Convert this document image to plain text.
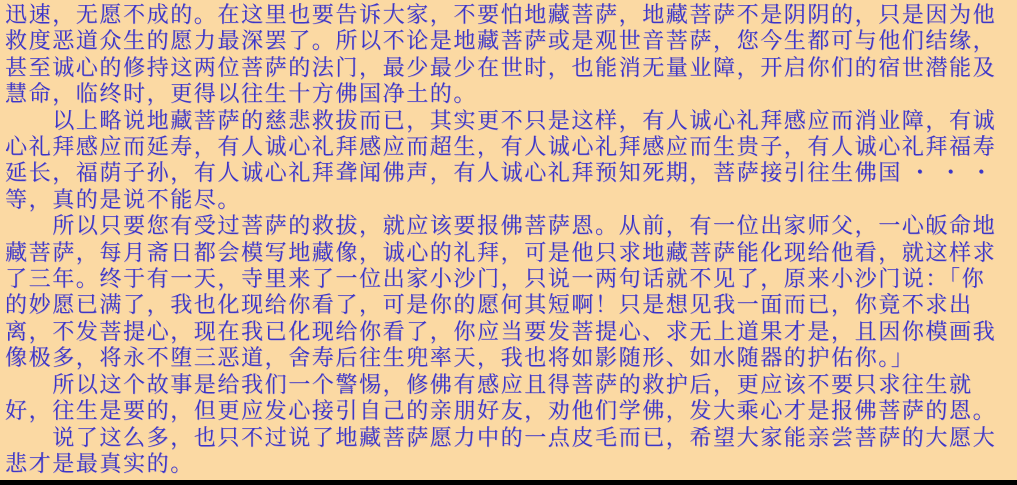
迅速，无愿不成的。在这里也要告诉大家，不要怕地藏菩萨，地藏菩萨不是阴阴的，只是因为他
救度恶道众生的愿力最深罢了。所以不论是地藏菩萨或是观世音菩萨，您今生都可与他们结缘，
甚至诚心的修持这两位菩萨的法门，最少最少在世时，也能消无量业障，开启你们的宿世潜能及
慧命，临终时，更得以往生十方佛国净土的。
　　以上略说地藏菩萨的慈悲救拔而已，其实更不只是这样，有人诚心礼拜感应而消业障，有诚
心礼拜感应而延寿，有人诚心礼拜感应而超生，有人诚心礼拜感应而生贵子，有人诚心礼拜福寿
延长，福荫子孙，有人诚心礼拜聋闻佛声，有人诚心礼拜预知死期，菩萨接引往生佛国 ・ ・ ・
等，真的是说不能尽。
　　所以只要您有受过菩萨的救拔，就应该要报佛菩萨恩。从前，有一位出家师父，一心皈命地
藏菩萨，每月斋日都会模写地藏像，诚心的礼拜，可是他只求地藏菩萨能化现给他看，就这样求
了三年。终于有一天，寺里来了一位出家小沙门，只说一两句话就不见了，原来小沙门说：「你
的妙愿已满了，我也化现给你看了，可是你的愿何其短啊！只是想见我一面而已，你竟不求出
离，不发菩提心，现在我已化现给你看了，你应当要发菩提心、求无上道果才是，且因你模画我
像极多，将永不堕三恶道，舍寿后往生兜率天，我也将如影随形、如水随器的护佑你。」
　　所以这个故事是给我们一个警惕，修佛有感应且得菩萨的救护后，更应该不要只求往生就
好，往生是要的，但更应发心接引自己的亲朋好友，劝他们学佛，发大乘心才是报佛菩萨的恩。
　　说了这么多，也只不过说了地藏菩萨愿力中的一点皮毛而已，希望大家能亲尝菩萨的大愿大
悲才是最真实的。
